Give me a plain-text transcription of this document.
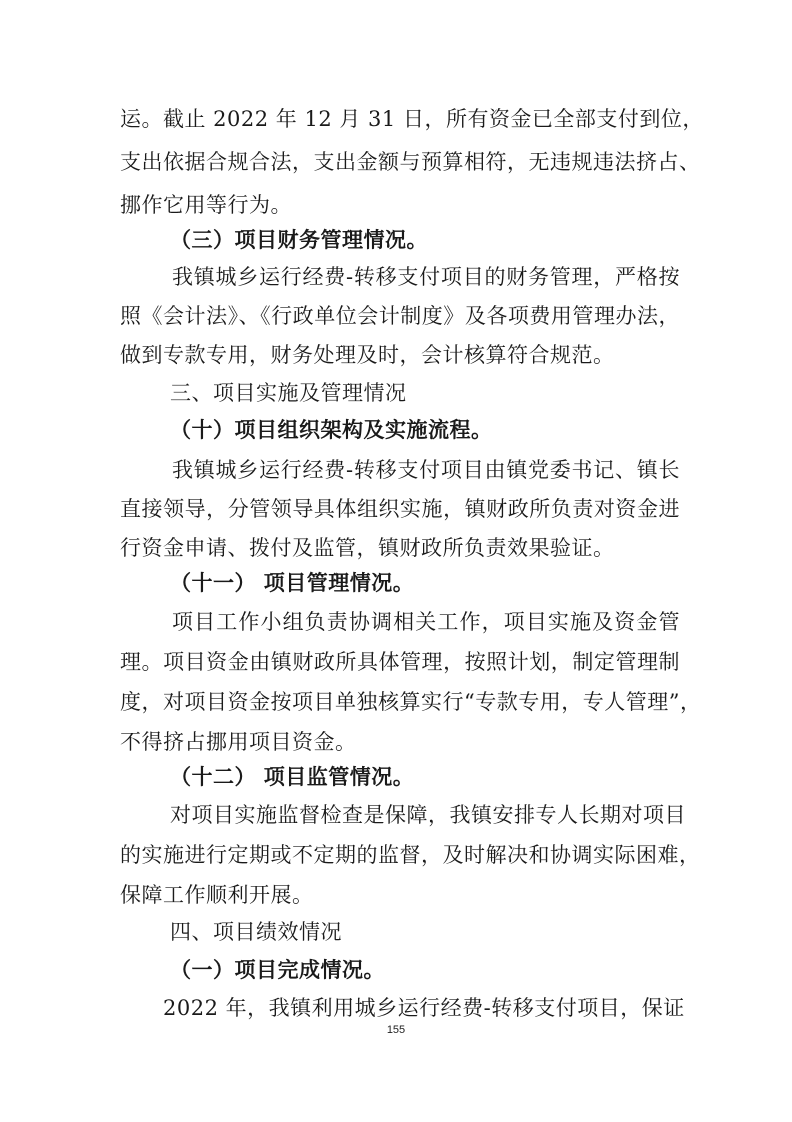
运。截止 2022 年 12 月 31 日，所有资金已全部支付到位，
支出依据合规合法，支出金额与预算相符，无违规违法挤占、
挪作它用等行为。
（三）项目财务管理情况。
我镇城乡运行经费-转移支付项目的财务管理，严格按
照《会计法》、《行政单位会计制度》及各项费用管理办法，
做到专款专用，财务处理及时，会计核算符合规范。
三、项目实施及管理情况
（十）项目组织架构及实施流程。
我镇城乡运行经费-转移支付项目由镇党委书记、镇长
直接领导，分管领导具体组织实施，镇财政所负责对资金进
行资金申请、拨付及监管，镇财政所负责效果验证。
（十一） 项目管理情况。
项目工作小组负责协调相关工作，项目实施及资金管
理。项目资金由镇财政所具体管理，按照计划，制定管理制
度，对项目资金按项目单独核算实行“专款专用，专人管理”，
不得挤占挪用项目资金。
（十二） 项目监管情况。
对项目实施监督检查是保障，我镇安排专人长期对项目
的实施进行定期或不定期的监督，及时解决和协调实际困难，
保障工作顺利开展。
四、项目绩效情况
（一）项目完成情况。
2022 年，我镇利用城乡运行经费-转移支付项目，保证
155
